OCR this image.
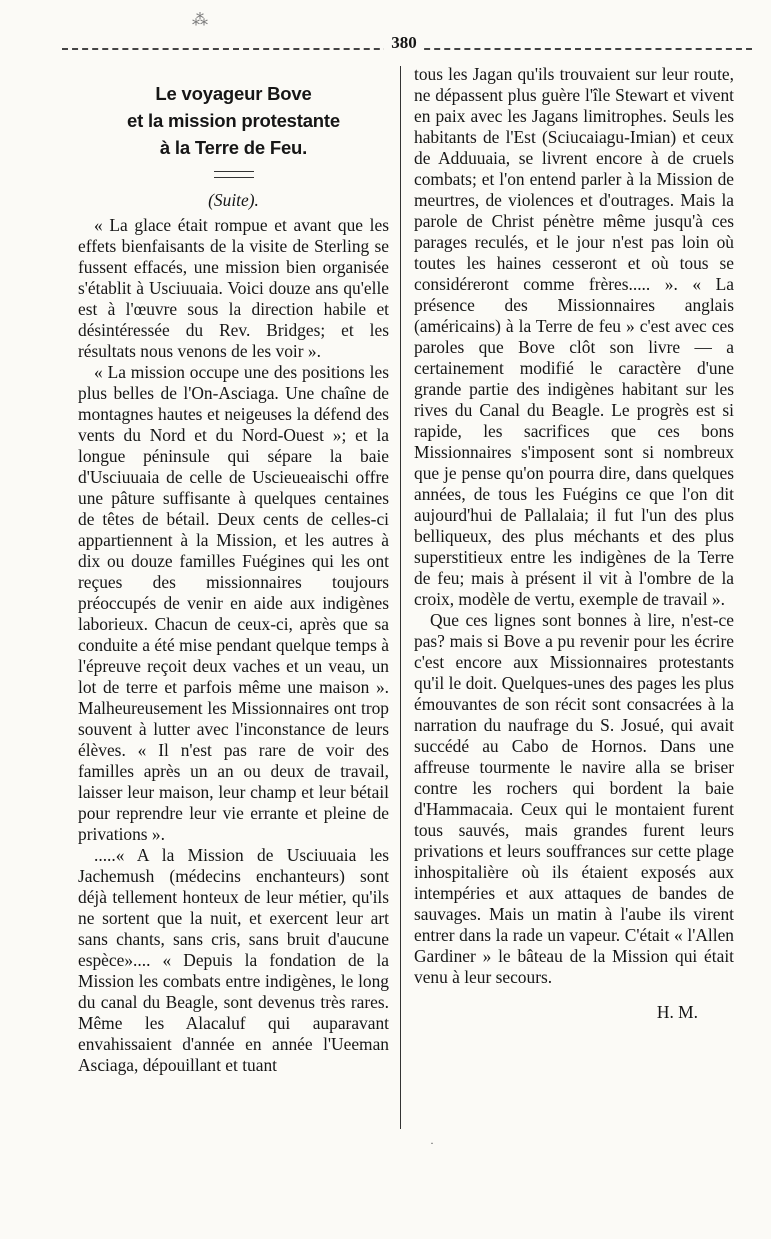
⁂
380
Le voyageur Bove
et la mission protestante
à la Terre de Feu.
(Suite).

« La glace était rompue et avant que les effets bienfaisants de la visite de Sterling se fussent effacés, une mission bien organisée s'établit à Usciuuaia. Voici douze ans qu'elle est à l'œuvre sous la direction habile et désintéressée du Rev. Bridges; et les résultats nous venons de les voir ».

« La mission occupe une des positions les plus belles de l'On-Asciaga. Une chaîne de montagnes hautes et neigeuses la défend des vents du Nord et du Nord-Ouest »; et la longue péninsule qui sépare la baie d'Usciuuaia de celle de Uscieueaischi offre une pâture suffisante à quelques centaines de têtes de bétail. Deux cents de celles-ci appartiennent à la Mission, et les autres à dix ou douze familles Fuégines qui les ont reçues des missionnaires toujours préoccupés de venir en aide aux indigènes laborieux. Chacun de ceux-ci, après que sa conduite a été mise pendant quelque temps à l'épreuve reçoit deux vaches et un veau, un lot de terre et parfois même une maison ». Malheureusement les Missionnaires ont trop souvent à lutter avec l'inconstance de leurs élèves. « Il n'est pas rare de voir des familles après un an ou deux de travail, laisser leur maison, leur champ et leur bétail pour reprendre leur vie errante et pleine de privations ».

.....« A la Mission de Usciuuaia les Jachemush (médecins enchanteurs) sont déjà tellement honteux de leur métier, qu'ils ne sortent que la nuit, et exercent leur art sans chants, sans cris, sans bruit d'aucune espèce».... « Depuis la fondation de la Mission les combats entre indigènes, le long du canal du Beagle, sont devenus très rares. Même les Alacaluf qui auparavant envahissaient d'année en année l'Ueeman Asciaga, dépouillant et tuant

tous les Jagan qu'ils trouvaient sur leur route, ne dépassent plus guère l'île Stewart et vivent en paix avec les Jagans limitrophes. Seuls les habitants de l'Est (Sciucaiagu-Imian) et ceux de Adduuaia, se livrent encore à de cruels combats; et l'on entend parler à la Mission de meurtres, de violences et d'outrages. Mais la parole de Christ pénètre même jusqu'à ces parages reculés, et le jour n'est pas loin où toutes les haines cesseront et où tous se considéreront comme frères..... ». « La présence des Missionnaires anglais (américains) à la Terre de feu » c'est avec ces paroles que Bove clôt son livre — a certainement modifié le caractère d'une grande partie des indigènes habitant sur les rives du Canal du Beagle. Le progrès est si rapide, les sacrifices que ces bons Missionnaires s'imposent sont si nombreux que je pense qu'on pourra dire, dans quelques années, de tous les Fuégins ce que l'on dit aujourd'hui de Pallalaia; il fut l'un des plus belliqueux, des plus méchants et des plus superstitieux entre les indigènes de la Terre de feu; mais à présent il vit à l'ombre de la croix, modèle de vertu, exemple de travail ».

Que ces lignes sont bonnes à lire, n'est-ce pas? mais si Bove a pu revenir pour les écrire c'est encore aux Missionnaires protestants qu'il le doit. Quelques-unes des pages les plus émouvantes de son récit sont consacrées à la narration du naufrage du S. Josué, qui avait succédé au Cabo de Hornos. Dans une affreuse tourmente le navire alla se briser contre les rochers qui bordent la baie d'Hammacaia. Ceux qui le montaient furent tous sauvés, mais grandes furent leurs privations et leurs souffrances sur cette plage inhospitalière où ils étaient exposés aux intempéries et aux attaques de bandes de sauvages. Mais un matin à l'aube ils virent entrer dans la rade un vapeur. C'était « l'Allen Gardiner » le bâteau de la Mission qui était venu à leur secours.

H. M.
·
